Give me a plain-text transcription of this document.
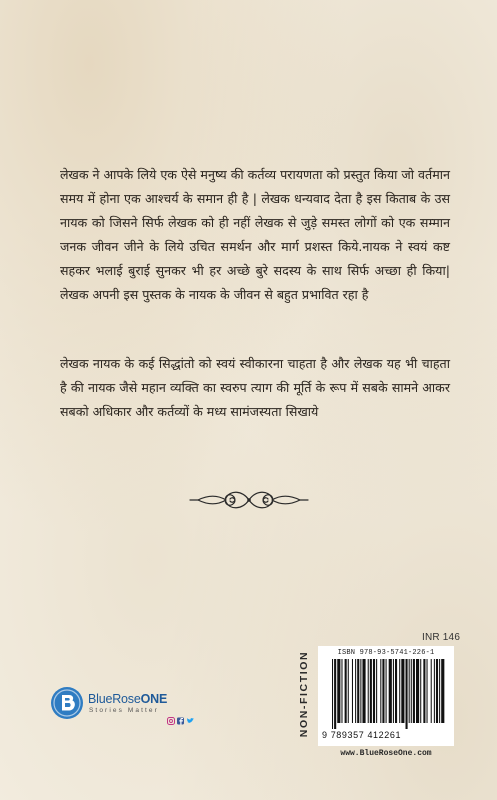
लेखक ने आपके लिये एक ऐसे मनुष्य की कर्तव्य परायणता को प्रस्तुत किया जो वर्तमान समय में होना एक आश्चर्य के समान ही है | लेखक धन्यवाद देता है इस किताब के उस नायक को जिसने सिर्फ लेखक को ही नहीं लेखक से जुड़े समस्त लोगों को एक सम्मान जनक जीवन जीने के लिये उचित समर्थन और मार्ग प्रशस्त किये.नायक ने स्वयं कष्ट सहकर भलाई बुराई सुनकर भी हर अच्छे बुरे सदस्य के साथ सिर्फ अच्छा ही किया| लेखक अपनी इस पुस्तक के नायक के जीवन से बहुत प्रभावित रहा है

लेखक नायक के कई सिद्धांतो को स्वयं स्वीकारना चाहता है और लेखक यह भी चाहता है की नायक जैसे महान व्यक्ति का स्वरुप त्याग की मूर्ति के रूप में सबके सामने आकर सबको अधिकार और कर्तव्यों के मध्य सामंजस्यता सिखाये

INR 146
NON-FICTION	ISBN 978-93-5741-226-1
9 789357 412261
www.BlueRoseOne.com
BlueRoseONE
Stories Matter
